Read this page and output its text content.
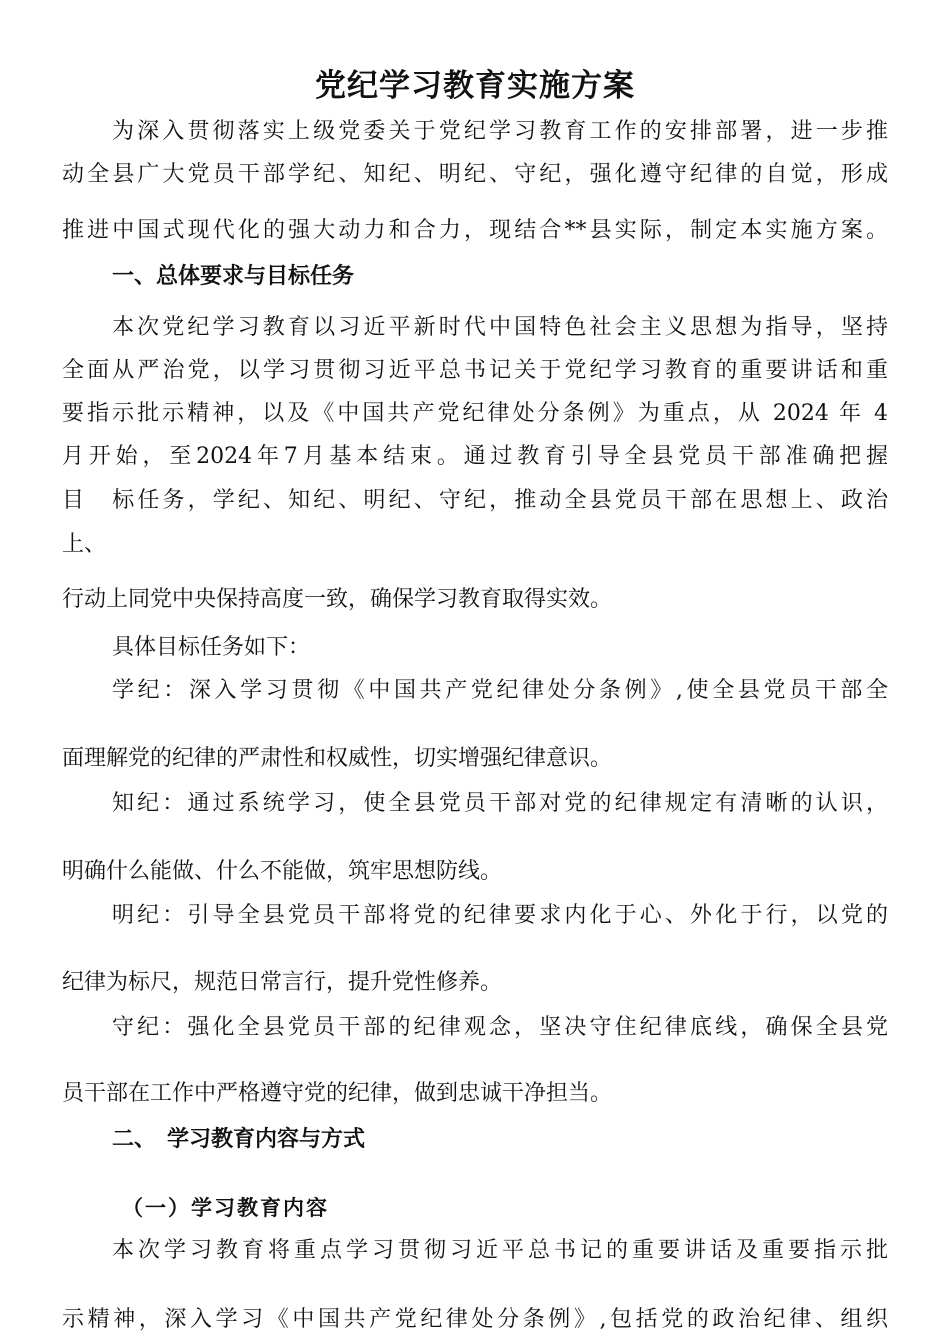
党纪学习教育实施方案
为深入贯彻落实上级党委关于党纪学习教育工作的安排部署，进一步推
动全县广大党员干部学纪、知纪、明纪、守纪，强化遵守纪律的自觉，形成
推进中国式现代化的强大动力和合力，现结合**县实际，制定本实施方案。
一、总体要求与目标任务
本次党纪学习教育以习近平新时代中国特色社会主义思想为指导，坚持
全面从严治党，以学习贯彻习近平总书记关于党纪学习教育的重要讲话和重
要指示批示精神，以及《中国共产党纪律处分条例》为重点，从 2024 年 4
月开始，至2024年7月基本结束。通过教育引导全县党员干部准确把握
目　标任务，学纪、知纪、明纪、守纪，推动全县党员干部在思想上、政治
上、
行动上同党中央保持高度一致，确保学习教育取得实效。
具体目标任务如下：
学纪：深入学习贯彻《中国共产党纪律处分条例》,使全县党员干部全
面理解党的纪律的严肃性和权威性，切实增强纪律意识。
知纪：通过系统学习，使全县党员干部对党的纪律规定有清晰的认识，
明确什么能做、什么不能做，筑牢思想防线。
明纪：引导全县党员干部将党的纪律要求内化于心、外化于行，以党的
纪律为标尺，规范日常言行，提升党性修养。
守纪：强化全县党员干部的纪律观念，坚决守住纪律底线，确保全县党
员干部在工作中严格遵守党的纪律，做到忠诚干净担当。
二、　学习教育内容与方式
（一）学习教育内容
本次学习教育将重点学习贯彻习近平总书记的重要讲话及重要指示批
示精神，深入学习《中国共产党纪律处分条例》,包括党的政治纪律、组织
